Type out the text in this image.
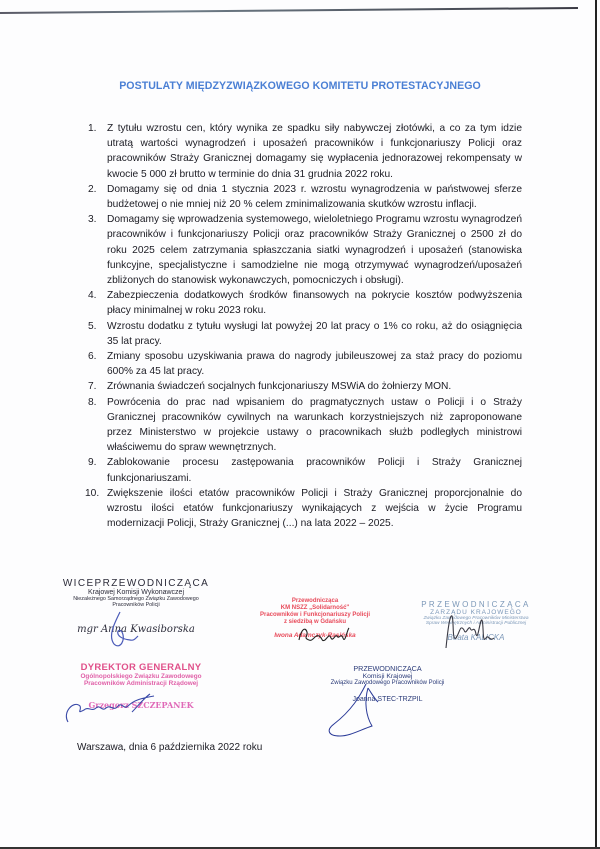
POSTULATY MIĘDZYZWIĄZKOWEGO KOMITETU PROTESTACYJNEGO
1. Z tytułu wzrostu cen, który wynika ze spadku siły nabywczej złotówki, a co za tym idzie utratą wartości wynagrodzeń i uposażeń pracowników i funkcjonariuszy Policji oraz pracowników Straży Granicznej domagamy się wypłacenia jednorazowej rekompensaty w kwocie 5 000 zł brutto w terminie do dnia 31 grudnia 2022 roku.
2. Domagamy się od dnia 1 stycznia 2023 r. wzrostu wynagrodzenia w państwowej sferze budżetowej o nie mniej niż 20 % celem zminimalizowania skutków wzrostu inflacji.
3. Domagamy się wprowadzenia systemowego, wieloletniego Programu wzrostu wynagrodzeń pracowników i funkcjonariuszy Policji oraz pracowników Straży Granicznej o 2500 zł do roku 2025 celem zatrzymania spłaszczania siatki wynagrodzeń i uposażeń (stanowiska funkcyjne, specjalistyczne i samodzielne nie mogą otrzymywać wynagrodzeń/uposażeń zbliżonych do stanowisk wykonawczych, pomocniczych i obsługi).
4. Zabezpieczenia dodatkowych środków finansowych na pokrycie kosztów podwyższenia płacy minimalnej w roku 2023 roku.
5. Wzrostu dodatku z tytułu wysługi lat powyżej 20 lat pracy o 1% co roku, aż do osiągnięcia 35 lat pracy.
6. Zmiany sposobu uzyskiwania prawa do nagrody jubileuszowej za staż pracy do poziomu 600% za 45 lat pracy.
7. Zrównania świadczeń socjalnych funkcjonariuszy MSWiA do żołnierzy MON.
8. Powrócenia do prac nad wpisaniem do pragmatycznych ustaw o Policji i o Straży Granicznej pracowników cywilnych na warunkach korzystniejszych niż zaproponowane przez Ministerstwo w projekcie ustawy o pracownikach służb podległych ministrowi właściwemu do spraw wewnętrznych.
9. Zablokowanie procesu zastępowania pracowników Policji i Straży Granicznej funkcjonariuszami.
10. Zwiększenie ilości etatów pracowników Policji i Straży Granicznej proporcjonalnie do wzrostu ilości etatów funkcjonariuszy wynikających z wejścia w życie Programu modernizacji Policji, Straży Granicznej (...) na lata 2022 – 2025.
WICEPRZEWODNICZĄCA
Krajowej Komisji Wykonawczej
Niezależnego Samorządnego Związku Zawodowego
Pracowników Policji
mgr Anna Kwasiborska
Przewodnicząca
KM NSZZ „Solidarność"
Pracowników i Funkcjonariuszy Policji
z siedzibą w Gdańsku
Iwona Adamczyk-Rasińska
PRZEWODNICZĄCA
ZARZĄDU KRAJOWEGO
Związku Zawodowego Pracowników Ministerstwa
Spraw Wewnętrznych i Administracji Publicznej
Beata KALICKA
DYREKTOR GENERALNY
Ogólnopolskiego Związku Zawodowego
Pracowników Administracji Rządowej
Grzegorz SZCZEPANEK
PRZEWODNICZĄCA
Komisji Krajowej
Związku Zawodowego Pracowników Policji
Joanna STEC-TRZPIL
Warszawa, dnia 6 października 2022 roku
